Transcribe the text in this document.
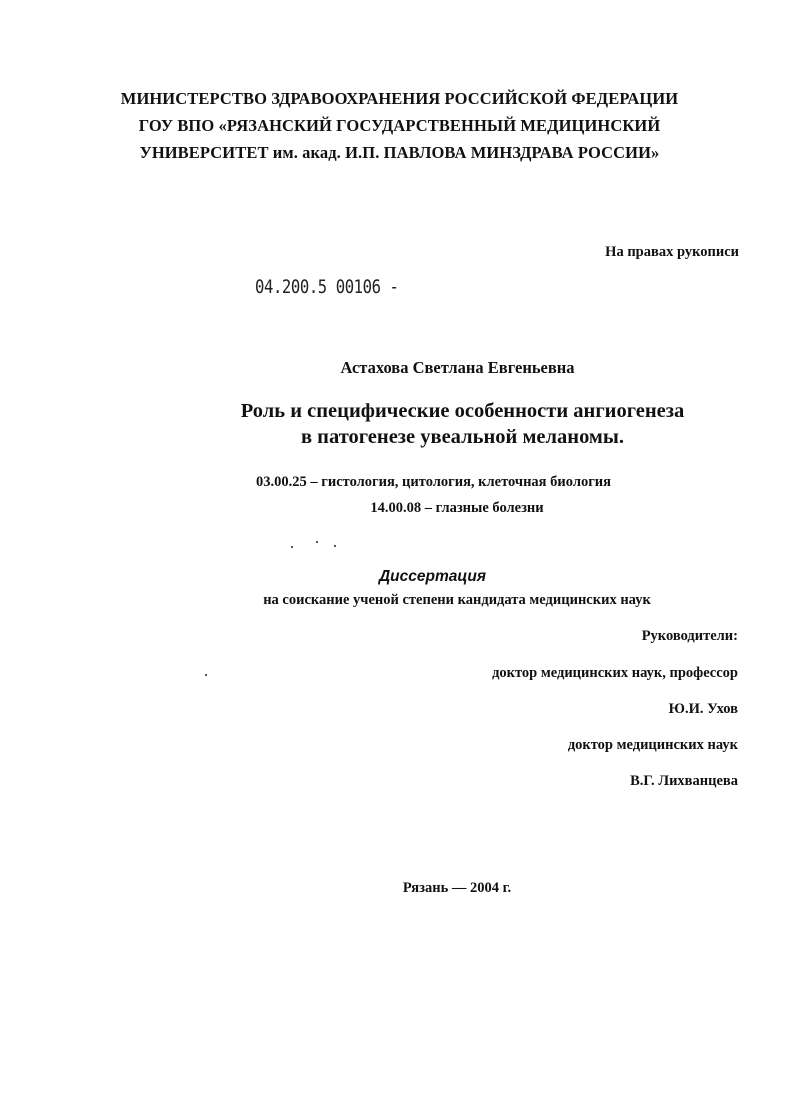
МИНИСТЕРСТВО ЗДРАВООХРАНЕНИЯ РОССИЙСКОЙ ФЕДЕРАЦИИ
ГОУ ВПО «РЯЗАНСКИЙ ГОСУДАРСТВЕННЫЙ МЕДИЦИНСКИЙ
УНИВЕРСИТЕТ им. акад. И.П. ПАВЛОВА МИНЗДРАВА РОССИИ»
На правах рукописи
04.200.5 00106 -
Астахова Светлана Евгеньевна
Роль и специфические особенности ангиогенеза
в патогенезе увеальной меланомы.
03.00.25 – гистология, цитология, клеточная биология
14.00.08 – глазные болезни
Диссертация
на соискание ученой степени кандидата медицинских наук
Руководители:
доктор медицинских наук, профессор
Ю.И. Ухов
доктор медицинских наук
В.Г. Лихванцева
Рязань — 2004 г.
